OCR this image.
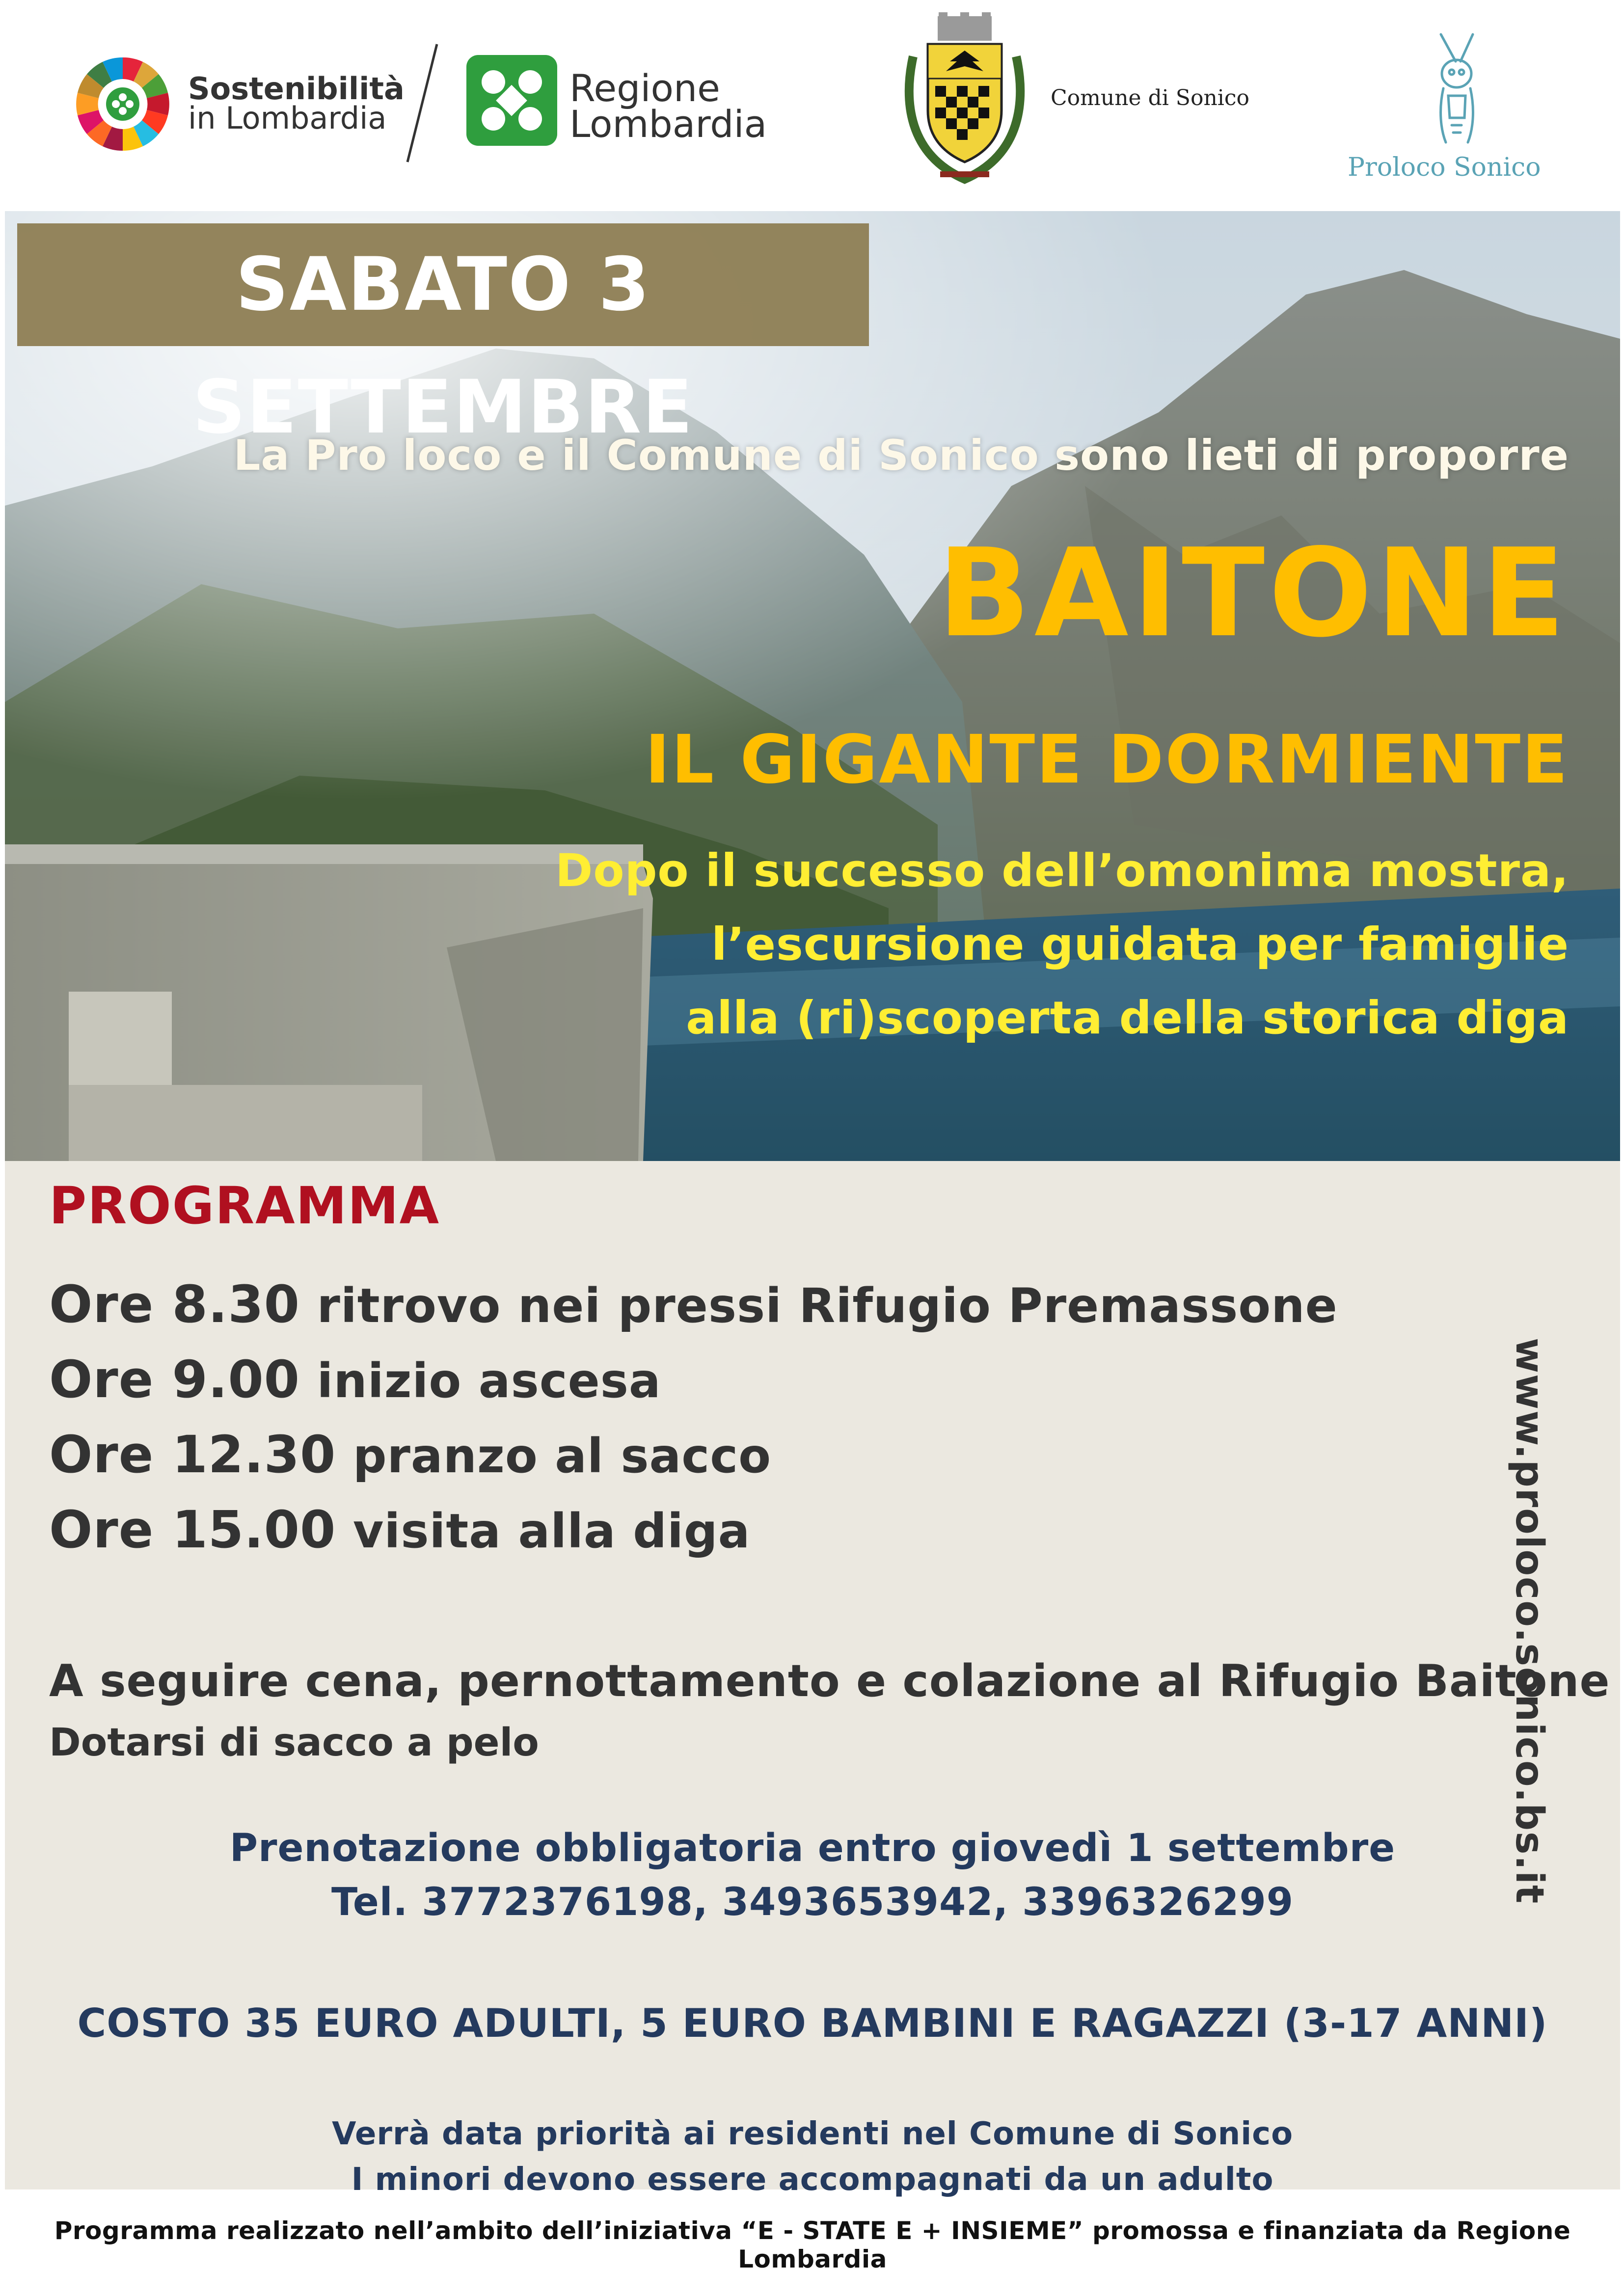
Sostenibilità
in Lombardia
Regione
Lombardia
Comune di Sonico
Proloco Sonico
SABATO 3 SETTEMBRE
La Pro loco e il Comune di Sonico sono lieti di proporre
BAITONE
IL GIGANTE DORMIENTE
Dopo il successo dell’omonima mostra,
l’escursione guidata per famiglie
alla (ri)scoperta della storica diga
PROGRAMMA
Ore 8.30 ritrovo nei pressi Rifugio Premassone
Ore 9.00 inizio ascesa
Ore 12.30 pranzo al sacco
Ore 15.00 visita alla diga
A seguire cena, pernottamento e colazione al Rifugio Baitone
Dotarsi di sacco a pelo
Prenotazione obbligatoria entro giovedì 1 settembre
Tel. 3772376198, 3493653942, 3396326299
COSTO 35 EURO ADULTI, 5 EURO BAMBINI E RAGAZZI (3-17 ANNI)
Verrà data priorità ai residenti nel Comune di Sonico
I minori devono essere accompagnati da un adulto
www.proloco.sonico.bs.it
Programma realizzato nell’ambito dell’iniziativa “E - STATE E + INSIEME” promossa e finanziata da Regione Lombardia
